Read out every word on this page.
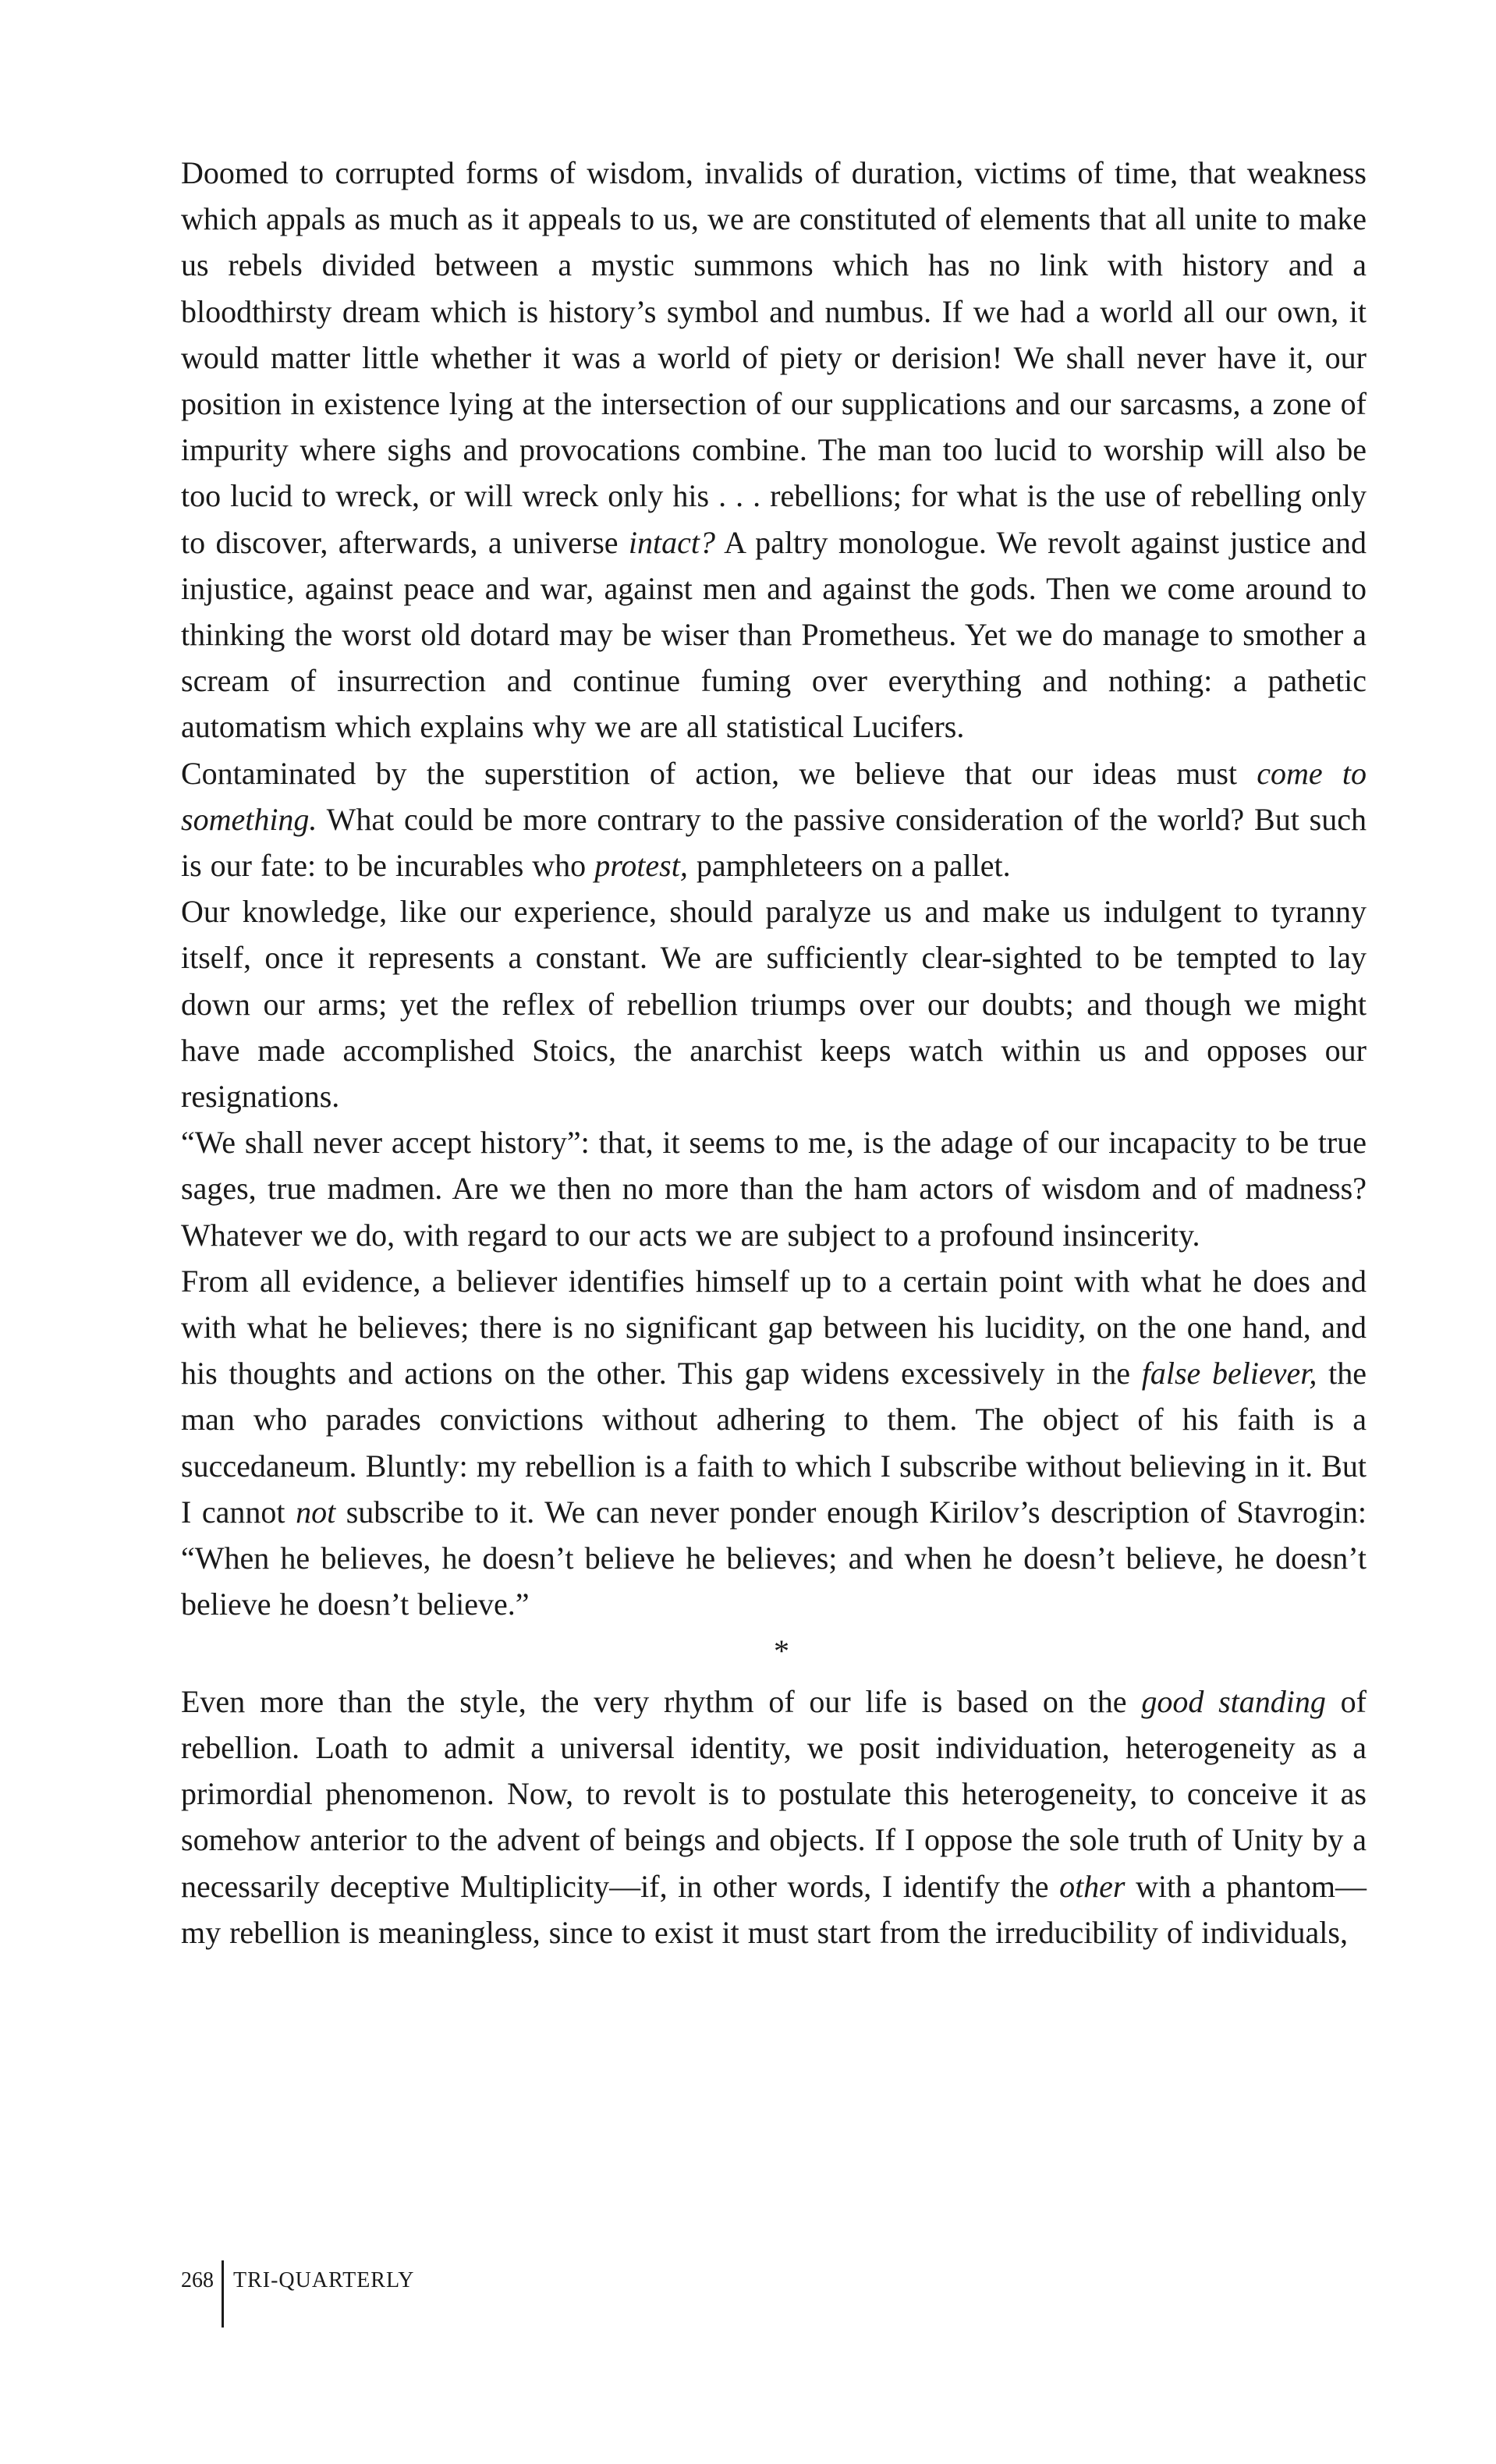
Doomed to corrupted forms of wisdom, invalids of duration, victims of time, that weakness which appals as much as it appeals to us, we are constituted of elements that all unite to make us rebels divided between a mystic summons which has no link with history and a bloodthirsty dream which is history’s symbol and numbus. If we had a world all our own, it would matter little whether it was a world of piety or derision! We shall never have it, our position in existence lying at the intersection of our supplications and our sarcasms, a zone of impurity where sighs and provocations combine. The man too lucid to worship will also be too lucid to wreck, or will wreck only his . . . rebellions; for what is the use of rebelling only to discover, afterwards, a universe intact? A paltry monologue. We revolt against justice and injustice, against peace and war, against men and against the gods. Then we come around to thinking the worst old dotard may be wiser than Prometheus. Yet we do manage to smother a scream of insurrection and continue fuming over everything and nothing: a pathetic automatism which explains why we are all statistical Lucifers.

Contaminated by the superstition of action, we believe that our ideas must come to something. What could be more contrary to the passive consideration of the world? But such is our fate: to be incurables who protest, pamphleteers on a pallet.

Our knowledge, like our experience, should paralyze us and make us indulgent to tyranny itself, once it represents a constant. We are sufficiently clear-sighted to be tempted to lay down our arms; yet the reflex of rebellion triumps over our doubts; and though we might have made accomplished Stoics, the anarchist keeps watch within us and opposes our resignations.

“We shall never accept history”: that, it seems to me, is the adage of our incapacity to be true sages, true madmen. Are we then no more than the ham actors of wisdom and of madness? Whatever we do, with regard to our acts we are subject to a profound insincerity.

From all evidence, a believer identifies himself up to a certain point with what he does and with what he believes; there is no significant gap between his lucidity, on the one hand, and his thoughts and actions on the other. This gap widens excessively in the false believer, the man who parades convictions without adhering to them. The object of his faith is a succedaneum. Bluntly: my rebellion is a faith to which I subscribe without believing in it. But I cannot not subscribe to it. We can never ponder enough Kirilov’s description of Stavrogin: “When he believes, he doesn’t believe he believes; and when he doesn’t believe, he doesn’t believe he doesn’t believe.”

*

Even more than the style, the very rhythm of our life is based on the good standing of rebellion. Loath to admit a universal identity, we posit individuation, heterogeneity as a primordial phenomenon. Now, to revolt is to postulate this heterogeneity, to conceive it as somehow anterior to the advent of beings and objects. If I oppose the sole truth of Unity by a necessarily deceptive Multiplicity—if, in other words, I identify the other with a phantom—my rebellion is meaningless, since to exist it must start from the irreducibility of individuals,

268 TRI-QUARTERLY
